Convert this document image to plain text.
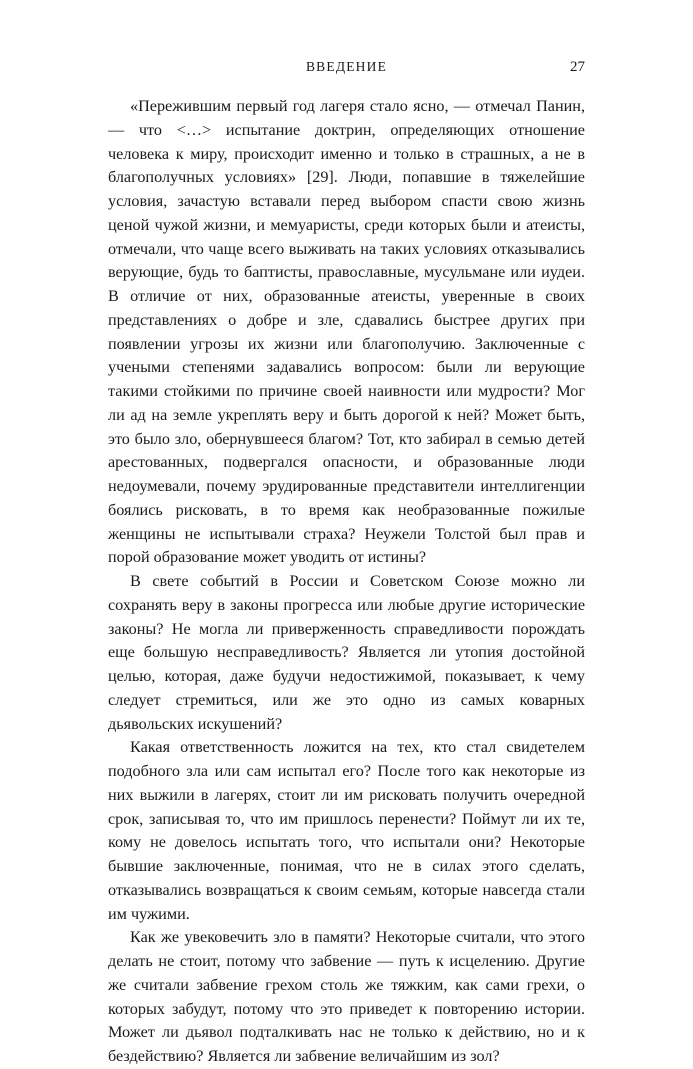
ВВЕДЕНИЕ	27

«Пережившим первый год лагеря стало ясно, — отмечал Панин, — что <…> испытание доктрин, определяющих отношение человека к миру, происходит именно и только в страшных, а не в благополучных условиях» [29]. Люди, попавшие в тяжелейшие условия, зачастую вставали перед выбором спасти свою жизнь ценой чужой жизни, и мемуаристы, среди которых были и атеисты, отмечали, что чаще всего выживать на таких условиях отказывались верующие, будь то баптисты, православные, мусульмане или иудеи. В отличие от них, образованные атеисты, уверенные в своих представлениях о добре и зле, сдавались быстрее других при появлении угрозы их жизни или благополучию. Заключенные с учеными степенями задавались вопросом: были ли верующие такими стойкими по причине своей наивности или мудрости? Мог ли ад на земле укреплять веру и быть дорогой к ней? Может быть, это было зло, обернувшееся благом? Тот, кто забирал в семью детей арестованных, подвергался опасности, и образованные люди недоумевали, почему эрудированные представители интеллигенции боялись рисковать, в то время как необразованные пожилые женщины не испытывали страха? Неужели Толстой был прав и порой образование может уводить от истины?

В свете событий в России и Советском Союзе можно ли сохранять веру в законы прогресса или любые другие исторические законы? Не могла ли приверженность справедливости порождать еще большую несправедливость? Является ли утопия достойной целью, которая, даже будучи недостижимой, показывает, к чему следует стремиться, или же это одно из самых коварных дьявольских искушений?

Какая ответственность ложится на тех, кто стал свидетелем подобного зла или сам испытал его? После того как некоторые из них выжили в лагерях, стоит ли им рисковать получить очередной срок, записывая то, что им пришлось перенести? Поймут ли их те, кому не довелось испытать того, что испытали они? Некоторые бывшие заключенные, понимая, что не в силах этого сделать, отказывались возвращаться к своим семьям, которые навсегда стали им чужими.

Как же увековечить зло в памяти? Некоторые считали, что этого делать не стоит, потому что забвение — путь к исцелению. Другие же считали забвение грехом столь же тяжким, как сами грехи, о которых забудут, потому что это приведет к повторению истории. Может ли дьявол подталкивать нас не только к действию, но и к бездействию? Является ли забвение величайшим из зол?
